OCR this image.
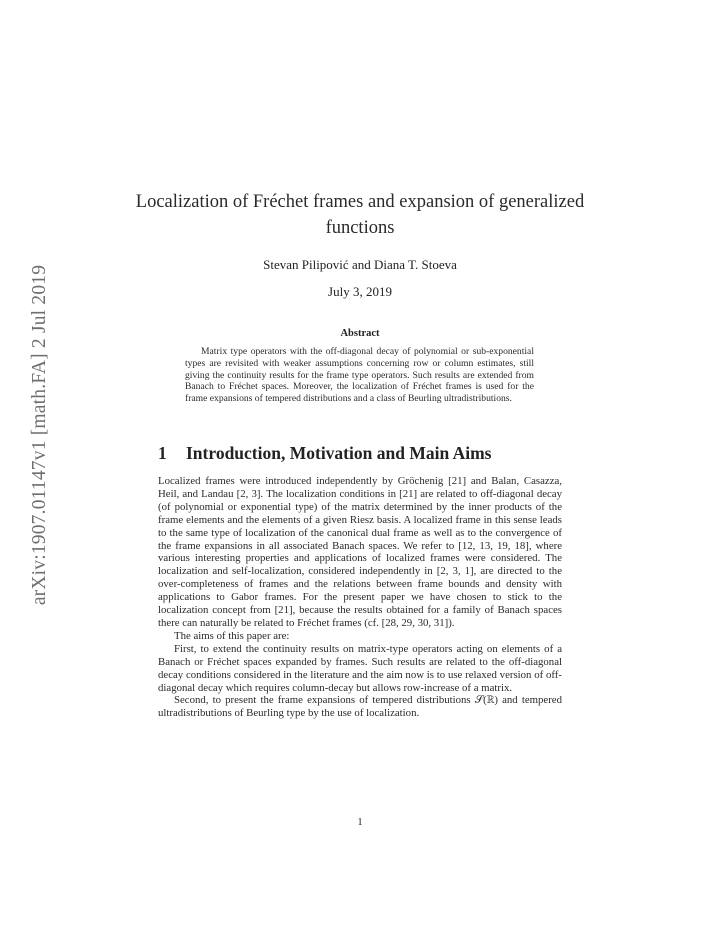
arXiv:1907.01147v1 [math.FA] 2 Jul 2019
Localization of Fréchet frames and expansion of generalized functions
Stevan Pilipović and Diana T. Stoeva
July 3, 2019
Abstract
Matrix type operators with the off-diagonal decay of polynomial or sub-exponential types are revisited with weaker assumptions concerning row or column estimates, still giving the continuity results for the frame type operators. Such results are extended from Banach to Fréchet spaces. Moreover, the localization of Fréchet frames is used for the frame expansions of tempered distributions and a class of Beurling ultradistributions.
1 Introduction, Motivation and Main Aims

Localized frames were introduced independently by Gröchenig [21] and Balan, Casazza, Heil, and Landau [2, 3]. The localization conditions in [21] are related to off-diagonal decay (of polynomial or exponential type) of the matrix determined by the inner products of the frame elements and the elements of a given Riesz basis. A localized frame in this sense leads to the same type of localization of the canonical dual frame as well as to the convergence of the frame expansions in all associated Banach spaces. We refer to [12, 13, 19, 18], where various interesting properties and applications of localized frames were considered. The localization and self-localization, considered independently in [2, 3, 1], are directed to the over-completeness of frames and the relations between frame bounds and density with applications to Gabor frames. For the present paper we have chosen to stick to the localization concept from [21], because the results obtained for a family of Banach spaces there can naturally be related to Fréchet frames (cf. [28, 29, 30, 31]).

The aims of this paper are:

First, to extend the continuity results on matrix-type operators acting on elements of a Banach or Fréchet spaces expanded by frames. Such results are related to the off-diagonal decay conditions considered in the literature and the aim now is to use relaxed version of off-diagonal decay which requires column-decay but allows row-increase of a matrix.

Second, to present the frame expansions of tempered distributions 𝒮(ℝ) and tempered ultradistributions of Beurling type by the use of localization.

1
